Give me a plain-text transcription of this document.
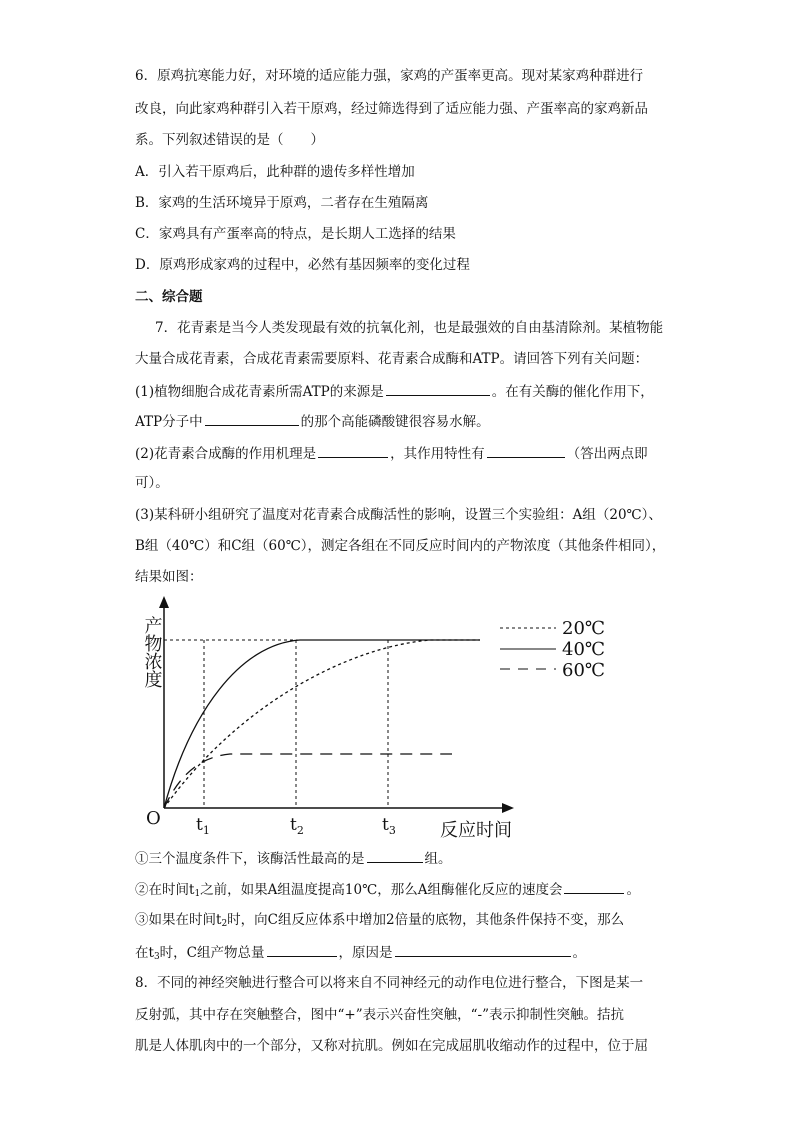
6．原鸡抗寒能力好，对环境的适应能力强，家鸡的产蛋率更高。现对某家鸡种群进行
改良，向此家鸡种群引入若干原鸡，经过筛选得到了适应能力强、产蛋率高的家鸡新品
系。下列叙述错误的是（　　）
A．引入若干原鸡后，此种群的遗传多样性增加
B．家鸡的生活环境异于原鸡，二者存在生殖隔离
C．家鸡具有产蛋率高的特点，是长期人工选择的结果
D．原鸡形成家鸡的过程中，必然有基因频率的变化过程
二、综合题
7．花青素是当今人类发现最有效的抗氧化剂，也是最强效的自由基清除剂。某植物能
大量合成花青素，合成花青素需要原料、花青素合成酶和ATP。请回答下列有关问题：
(1)植物细胞合成花青素所需ATP的来源是	。在有关酶的催化作用下，
ATP分子中	的那个高能磷酸键很容易水解。
(2)花青素合成酶的作用机理是	，其作用特性有	（答出两点即
可）。
(3)某科研小组研究了温度对花青素合成酶活性的影响，设置三个实验组：A组（20℃）、
B组（40℃）和C组（60℃），测定各组在不同反应时间内的产物浓度（其他条件相同），
结果如图：
20℃
40℃
60℃
产物浓度
O $t_1$	$t_2$	$t_3$ 反应时间
①三个温度条件下，该酶活性最高的是	组。
②在时间$t_1$之前，如果A组温度提高10℃，那么A组酶催化反应的速度会	。
③如果在时间$t_2$时，向C组反应体系中增加2倍量的底物，其他条件保持不变，那么
在$t_3$时，C组产物总量	，原因是	。
8．不同的神经突触进行整合可以将来自不同神经元的动作电位进行整合，下图是某一
反射弧，其中存在突触整合，图中“+”表示兴奋性突触，“-”表示抑制性突触。拮抗
肌是人体肌肉中的一个部分，又称对抗肌。例如在完成屈肌收缩动作的过程中，位于屈
